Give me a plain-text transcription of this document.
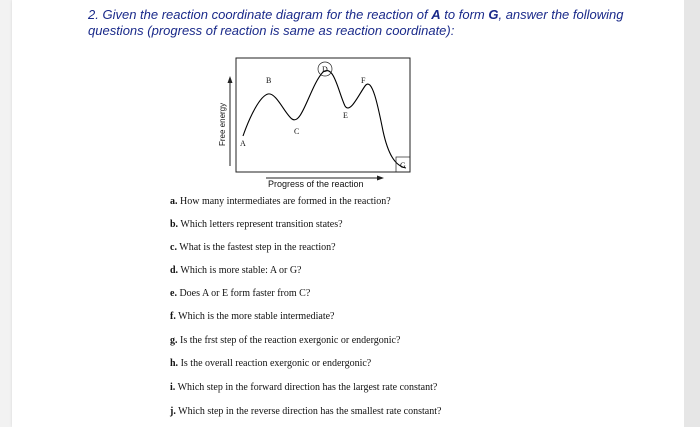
2. Given the reaction coordinate diagram for the reaction of A to form G, answer the following
questions (progress of reaction is same as reaction coordinate):
Free energy A
B
C
D
E
F
G
Progress of the reaction
a. How many intermediates are formed in the reaction?
b. Which letters represent transition states?
c. What is the fastest step in the reaction?
d. Which is more stable: A or G?
e. Does A or E form faster from C?
f. Which is the more stable intermediate?
g. Is the frst step of the reaction exergonic or endergonic?
h. Is the overall reaction exergonic or endergonic?
i. Which step in the forward direction has the largest rate constant?
j. Which step in the reverse direction has the smallest rate constant?
